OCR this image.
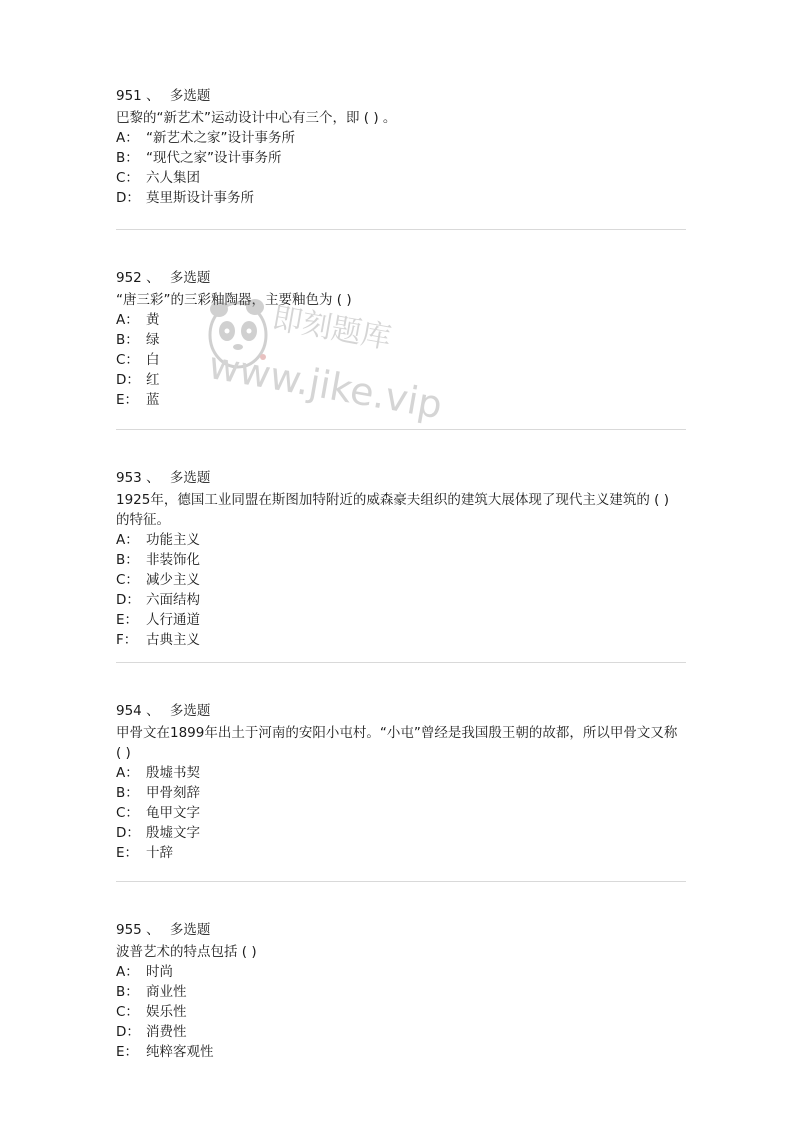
951 、 多选题
巴黎的“新艺术”运动设计中心有三个，即 ( ) 。
A： “新艺术之家”设计事务所
B： “现代之家”设计事务所
C： 六人集团
D： 莫里斯设计事务所
952 、 多选题
“唐三彩”的三彩釉陶器，主要釉色为 ( )
A： 黄
B： 绿
C： 白
D： 红
E： 蓝
953 、 多选题
1925年，德国工业同盟在斯图加特附近的威森豪夫组织的建筑大展体现了现代主义建筑的 ( ) 的特征。
A： 功能主义
B： 非装饰化
C： 减少主义
D： 六面结构
E： 人行通道
F： 古典主义
954 、 多选题
甲骨文在1899年出土于河南的安阳小屯村。“小屯”曾经是我国殷王朝的故都，所以甲骨文又称 ( )
A： 殷墟书契
B： 甲骨刻辞
C： 龟甲文字
D： 殷墟文字
E： 十辞
955 、 多选题
波普艺术的特点包括 ( )
A： 时尚
B： 商业性
C： 娱乐性
D： 消费性
E： 纯粹客观性
即刻题库
www.jike.vip
